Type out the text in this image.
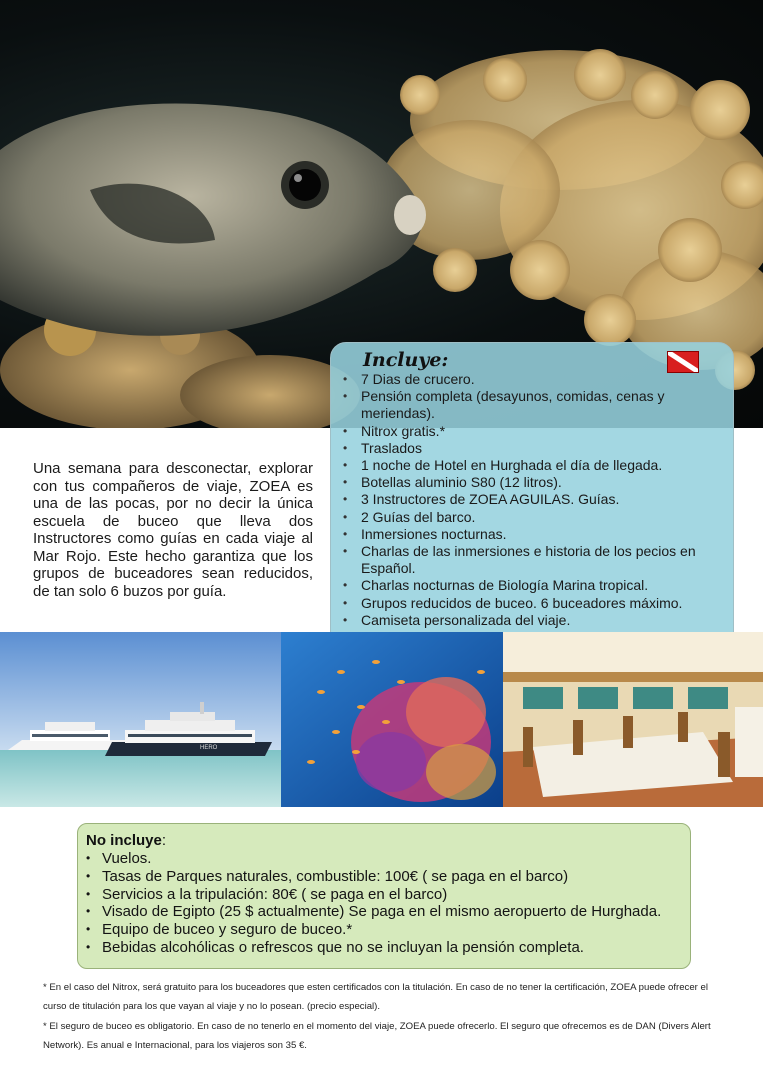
Incluye:
• 7 Dias de crucero.
• Pensión completa (desayunos, comidas, cenas y meriendas).
• Nitrox gratis.*
• Traslados
• 1 noche de Hotel en Hurghada el día de llegada.
• Botellas aluminio S80 (12 litros).
• 3 Instructores de ZOEA AGUILAS. Guías.
• 2 Guías del barco.
• Inmersiones nocturnas.
• Charlas de las inmersiones e historia de los pecios en Español.
• Charlas nocturnas de Biología Marina tropical.
• Grupos reducidos de buceo. 6 buceadores máximo.
• Camiseta personalizada del viaje.
•

Una semana para desconectar, explorar con tus compañeros de viaje, ZOEA es una de las pocas, por no decir la única escuela de buceo que lleva dos Instructores como guías en cada viaje al Mar Rojo. Este hecho garantiza que los grupos de buceadores sean reducidos, de tan solo 6 buzos por guía.

HERO

No incluye:

• Vuelos.
• Tasas de Parques naturales, combustible: 100€ ( se paga en el barco)
• Servicios a la tripulación: 80€ ( se paga en el barco)
• Visado de Egipto (25 $ actualmente) Se paga en el mismo aeropuerto de Hurghada.
• Equipo de buceo y seguro de buceo.*
• Bebidas alcohólicas o refrescos que no se incluyan la pensión completa.

* En el caso del Nitrox, será gratuito para los buceadores que esten certificados con la titulación. En caso de no tener la certificación, ZOEA puede ofrecer el curso de titulación para los que vayan al viaje y no lo posean. (precio especial).

* El seguro de buceo es obligatorio. En caso de no tenerlo en el momento del viaje, ZOEA puede ofrecerlo. El seguro que ofrecemos es de DAN (Divers Alert Network). Es anual e Internacional, para los viajeros son 35 €.
